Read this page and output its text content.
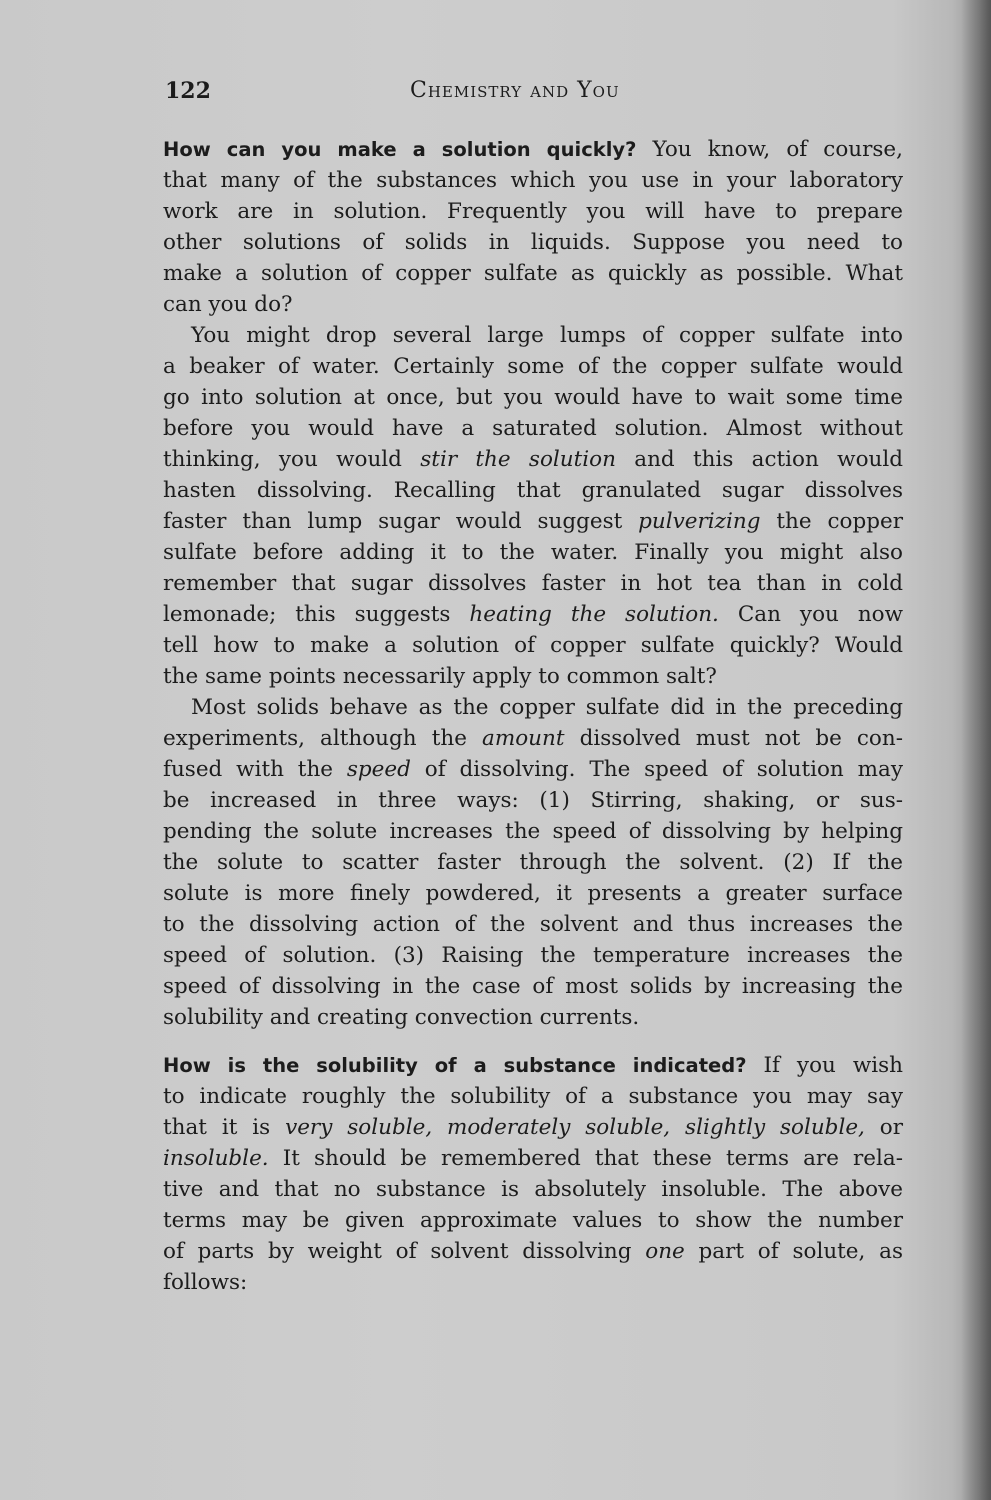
122	Chemistry and You

How can you make a solution quickly? You know, of course,
that many of the substances which you use in your laboratory
work are in solution. Frequently you will have to prepare
other solutions of solids in liquids. Suppose you need to
make a solution of copper sulfate as quickly as possible. What
can you do?

You might drop several large lumps of copper sulfate into
a beaker of water. Certainly some of the copper sulfate would
go into solution at once, but you would have to wait some time
before you would have a saturated solution. Almost without
thinking, you would stir the solution and this action would
hasten dissolving. Recalling that granulated sugar dissolves
faster than lump sugar would suggest pulverizing the copper
sulfate before adding it to the water. Finally you might also
remember that sugar dissolves faster in hot tea than in cold
lemonade; this suggests heating the solution. Can you now
tell how to make a solution of copper sulfate quickly? Would
the same points necessarily apply to common salt?

Most solids behave as the copper sulfate did in the preceding
experiments, although the amount dissolved must not be con-
fused with the speed of dissolving. The speed of solution may
be increased in three ways: (1) Stirring, shaking, or sus-
pending the solute increases the speed of dissolving by helping
the solute to scatter faster through the solvent. (2) If the
solute is more finely powdered, it presents a greater surface
to the dissolving action of the solvent and thus increases the
speed of solution. (3) Raising the temperature increases the
speed of dissolving in the case of most solids by increasing the
solubility and creating convection currents.

How is the solubility of a substance indicated? If you wish
to indicate roughly the solubility of a substance you may say
that it is very soluble, moderately soluble, slightly soluble, or
insoluble. It should be remembered that these terms are rela-
tive and that no substance is absolutely insoluble. The above
terms may be given approximate values to show the number
of parts by weight of solvent dissolving one part of solute, as
follows:
